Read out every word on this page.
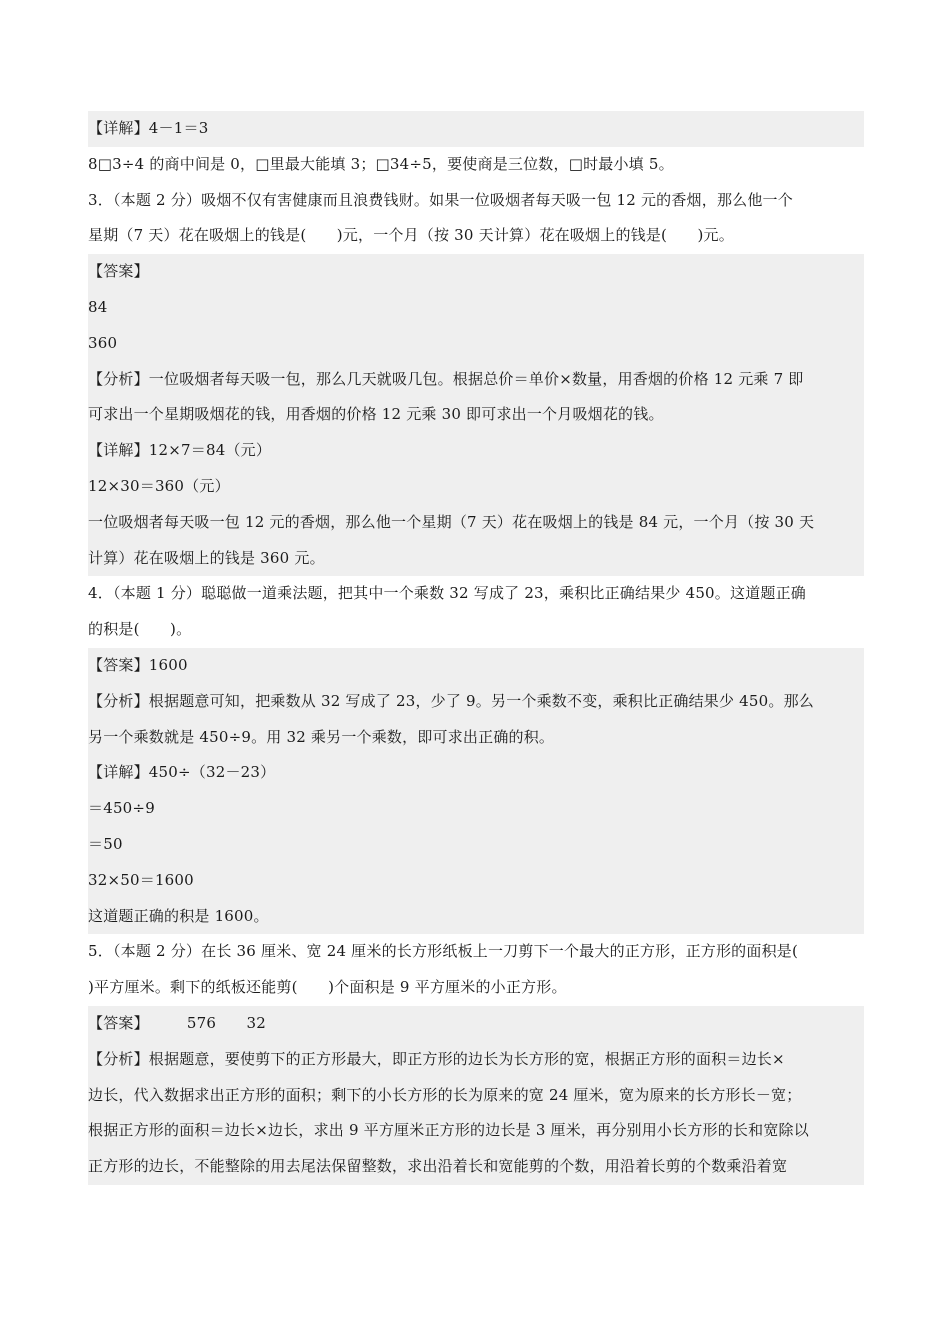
【详解】4－1＝3
8□3÷4 的商中间是 0，□里最大能填 3；□34÷5，要使商是三位数，□时最小填 5。
3．（本题 2 分）吸烟不仅有害健康而且浪费钱财。如果一位吸烟者每天吸一包 12 元的香烟，那么他一个
星期（7 天）花在吸烟上的钱是(　　)元，一个月（按 30 天计算）花在吸烟上的钱是(　　)元。
【答案】
84
360
【分析】一位吸烟者每天吸一包，那么几天就吸几包。根据总价＝单价×数量，用香烟的价格 12 元乘 7 即
可求出一个星期吸烟花的钱，用香烟的价格 12 元乘 30 即可求出一个月吸烟花的钱。
【详解】12×7＝84（元）
12×30＝360（元）
一位吸烟者每天吸一包 12 元的香烟，那么他一个星期（7 天）花在吸烟上的钱是 84 元，一个月（按 30 天
计算）花在吸烟上的钱是 360 元。
4．（本题 1 分）聪聪做一道乘法题，把其中一个乘数 32 写成了 23，乘积比正确结果少 450。这道题正确
的积是(　　)。
【答案】1600
【分析】根据题意可知，把乘数从 32 写成了 23，少了 9。另一个乘数不变，乘积比正确结果少 450。那么
另一个乘数就是 450÷9。用 32 乘另一个乘数，即可求出正确的积。
【详解】450÷（32－23）
＝450÷9
＝50
32×50＝1600
这道题正确的积是 1600。
5．（本题 2 分）在长 36 厘米、宽 24 厘米的长方形纸板上一刀剪下一个最大的正方形，正方形的面积是(
)平方厘米。剩下的纸板还能剪(　　)个面积是 9 平方厘米的小正方形。
【答案】　　　576　　32
【分析】根据题意，要使剪下的正方形最大，即正方形的边长为长方形的宽，根据正方形的面积＝边长×
边长，代入数据求出正方形的面积；剩下的小长方形的长为原来的宽 24 厘米，宽为原来的长方形长－宽；
根据正方形的面积＝边长×边长，求出 9 平方厘米正方形的边长是 3 厘米，再分别用小长方形的长和宽除以
正方形的边长，不能整除的用去尾法保留整数，求出沿着长和宽能剪的个数，用沿着长剪的个数乘沿着宽
